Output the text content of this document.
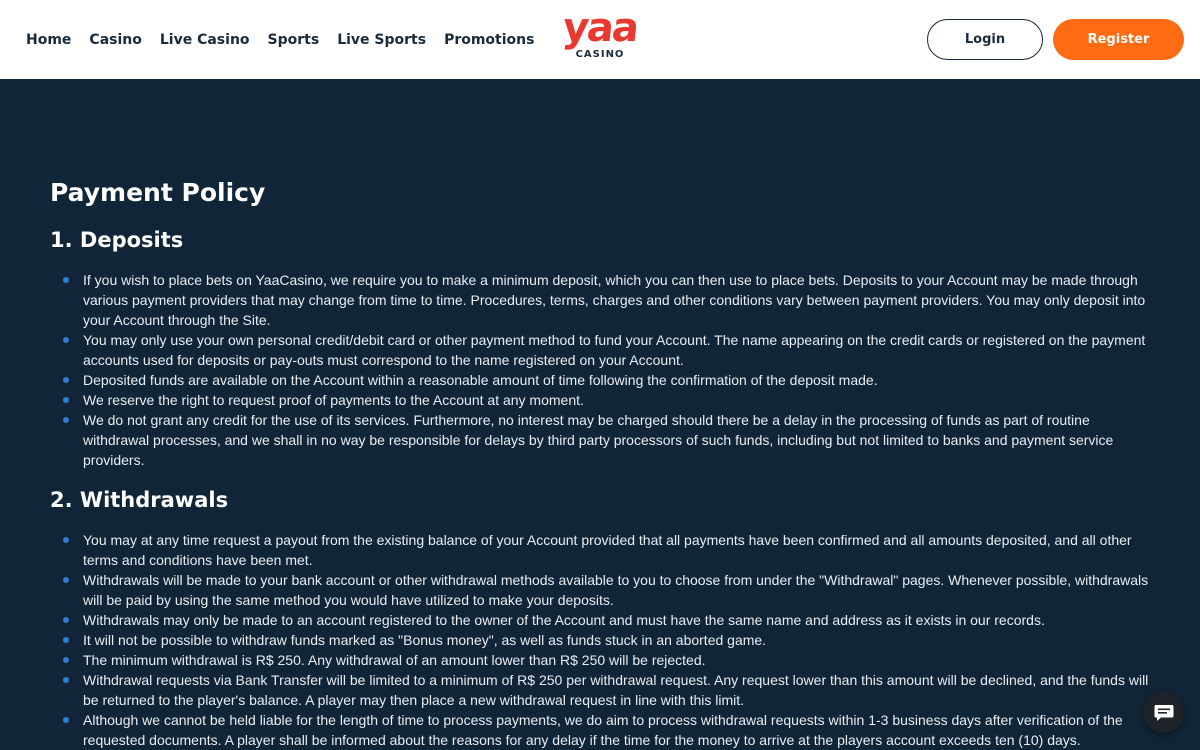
Home Casino Live Casino Sports Live Sports Promotions yaa
CASINO
Login	Register
Payment Policy
1. Deposits
If you wish to place bets on YaaCasino, we require you to make a minimum deposit, which you can then use to place bets. Deposits to your Account may be made through various payment providers that may change from time to time. Procedures, terms, charges and other conditions vary between payment providers. You may only deposit into your Account through the Site.
You may only use your own personal credit/debit card or other payment method to fund your Account. The name appearing on the credit cards or registered on the payment accounts used for deposits or pay-outs must correspond to the name registered on your Account.
Deposited funds are available on the Account within a reasonable amount of time following the confirmation of the deposit made.
We reserve the right to request proof of payments to the Account at any moment.
We do not grant any credit for the use of its services. Furthermore, no interest may be charged should there be a delay in the processing of funds as part of routine withdrawal processes, and we shall in no way be responsible for delays by third party processors of such funds, including but not limited to banks and payment service providers.
2. Withdrawals
You may at any time request a payout from the existing balance of your Account provided that all payments have been confirmed and all amounts deposited, and all other terms and conditions have been met.
Withdrawals will be made to your bank account or other withdrawal methods available to you to choose from under the "Withdrawal" pages. Whenever possible, withdrawals will be paid by using the same method you would have utilized to make your deposits.
Withdrawals may only be made to an account registered to the owner of the Account and must have the same name and address as it exists in our records.
It will not be possible to withdraw funds marked as "Bonus money", as well as funds stuck in an aborted game.
The minimum withdrawal is R$ 250. Any withdrawal of an amount lower than R$ 250 will be rejected.
Withdrawal requests via Bank Transfer will be limited to a minimum of R$ 250 per withdrawal request. Any request lower than this amount will be declined, and the funds will be returned to the player's balance. A player may then place a new withdrawal request in line with this limit.
Although we cannot be held liable for the length of time to process payments, we do aim to process withdrawal requests within 1-3 business days after verification of the requested documents. A player shall be informed about the reasons for any delay if the time for the money to arrive at the players account exceeds ten (10) days.
